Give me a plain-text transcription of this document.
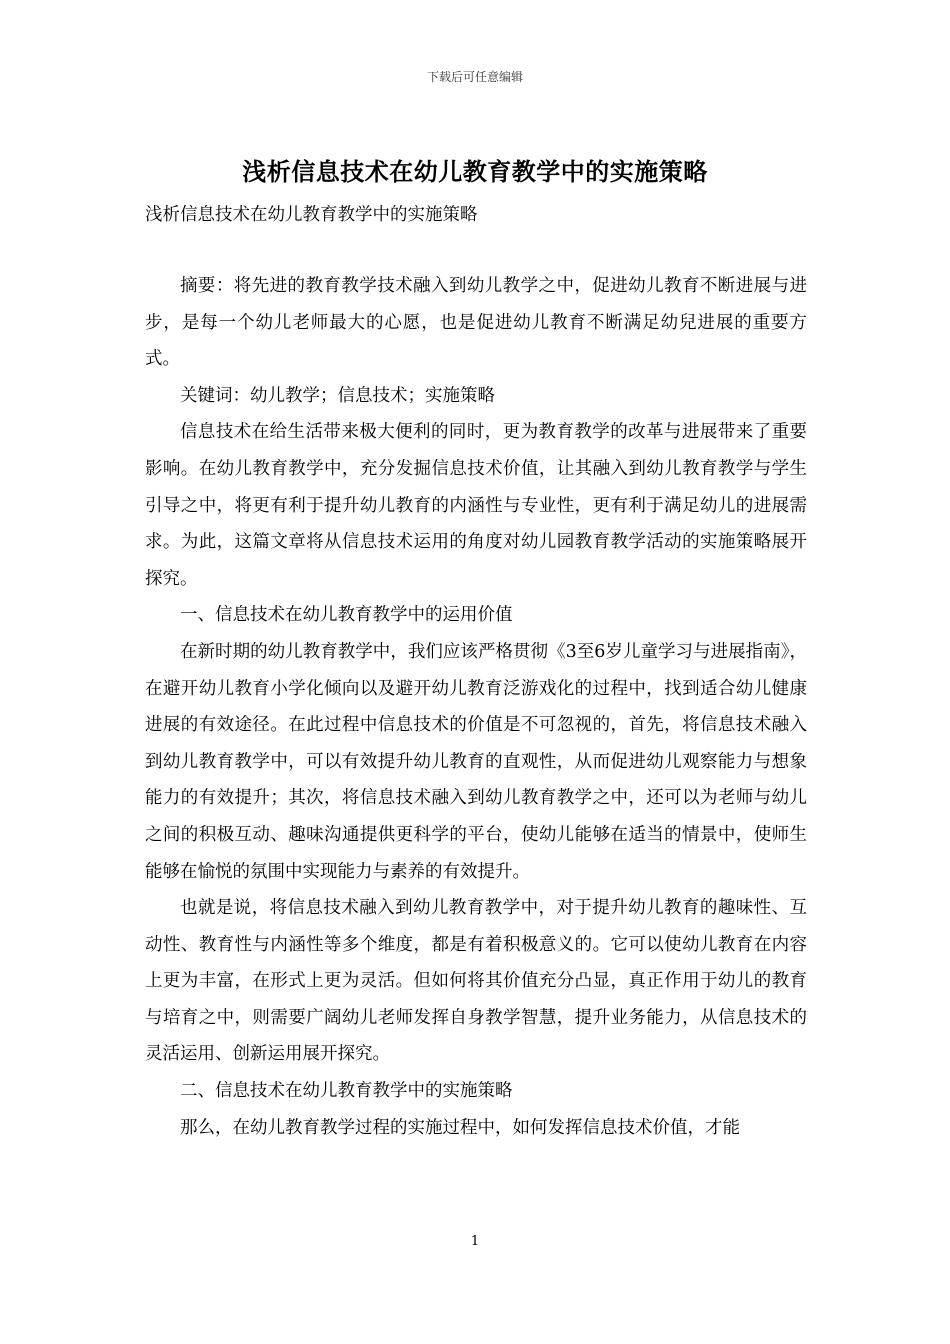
下载后可任意编辑
浅析信息技术在幼儿教育教学中的实施策略
浅析信息技术在幼儿教育教学中的实施策略

摘要：将先进的教育教学技术融入到幼儿教学之中，促进幼儿教育不断进展与进步，是每一个幼儿老师最大的心愿，也是促进幼儿教育不断满足幼兒进展的重要方式。

关键词：幼儿教学；信息技术；实施策略

信息技术在给生活带来极大便利的同时，更为教育教学的改革与进展带来了重要影响。在幼儿教育教学中，充分发掘信息技术价值，让其融入到幼儿教育教学与学生引导之中，将更有利于提升幼儿教育的内涵性与专业性，更有利于满足幼儿的进展需求。为此，这篇文章将从信息技术运用的角度对幼儿园教育教学活动的实施策略展开探究。

一、信息技术在幼儿教育教学中的运用价值

在新时期的幼儿教育教学中，我们应该严格贯彻《3至6岁儿童学习与进展指南》，在避开幼儿教育小学化倾向以及避开幼儿教育泛游戏化的过程中，找到适合幼儿健康进展的有效途径。在此过程中信息技术的价值是不可忽视的，首先，将信息技术融入到幼儿教育教学中，可以有效提升幼儿教育的直观性，从而促进幼儿观察能力与想象能力的有效提升；其次，将信息技术融入到幼儿教育教学之中，还可以为老师与幼儿之间的积极互动、趣味沟通提供更科学的平台，使幼儿能够在适当的情景中，使师生能够在愉悦的氛围中实现能力与素养的有效提升。

也就是说，将信息技术融入到幼儿教育教学中，对于提升幼儿教育的趣味性、互动性、教育性与内涵性等多个维度，都是有着积极意义的。它可以使幼儿教育在内容上更为丰富，在形式上更为灵活。但如何将其价值充分凸显，真正作用于幼儿的教育与培育之中，则需要广阔幼儿老师发挥自身教学智慧，提升业务能力，从信息技术的灵活运用、创新运用展开探究。

二、信息技术在幼儿教育教学中的实施策略

那么，在幼儿教育教学过程的实施过程中，如何发挥信息技术价值，才能

1
